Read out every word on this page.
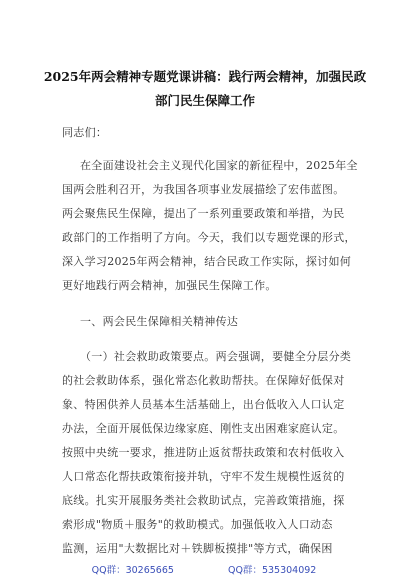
2025年两会精神专题党课讲稿：践行两会精神，加强民政
部门民生保障工作
同志们：
在全面建设社会主义现代化国家的新征程中，2025年全
国两会胜利召开，为我国各项事业发展描绘了宏伟蓝图。
两会聚焦民生保障，提出了一系列重要政策和举措，为民
政部门的工作指明了方向。今天，我们以专题党课的形式，
深入学习2025年两会精神，结合民政工作实际，探讨如何
更好地践行两会精神，加强民生保障工作。
一、两会民生保障相关精神传达
（一）社会救助政策要点。两会强调，要健全分层分类
的社会救助体系，强化常态化救助帮扶。在保障好低保对
象、特困供养人员基本生活基础上，出台低收入人口认定
办法，全面开展低保边缘家庭、刚性支出困难家庭认定。
按照中央统一要求，推进防止返贫帮扶政策和农村低收入
人口常态化帮扶政策衔接并轨，守牢不发生规模性返贫的
底线。扎实开展服务类社会救助试点，完善政策措施，探
索形成"物质＋服务"的救助模式。加强低收入人口动态
监测，运用"大数据比对＋铁脚板摸排"等方式，确保困
QQ群：30265665	QQ群：535304092
